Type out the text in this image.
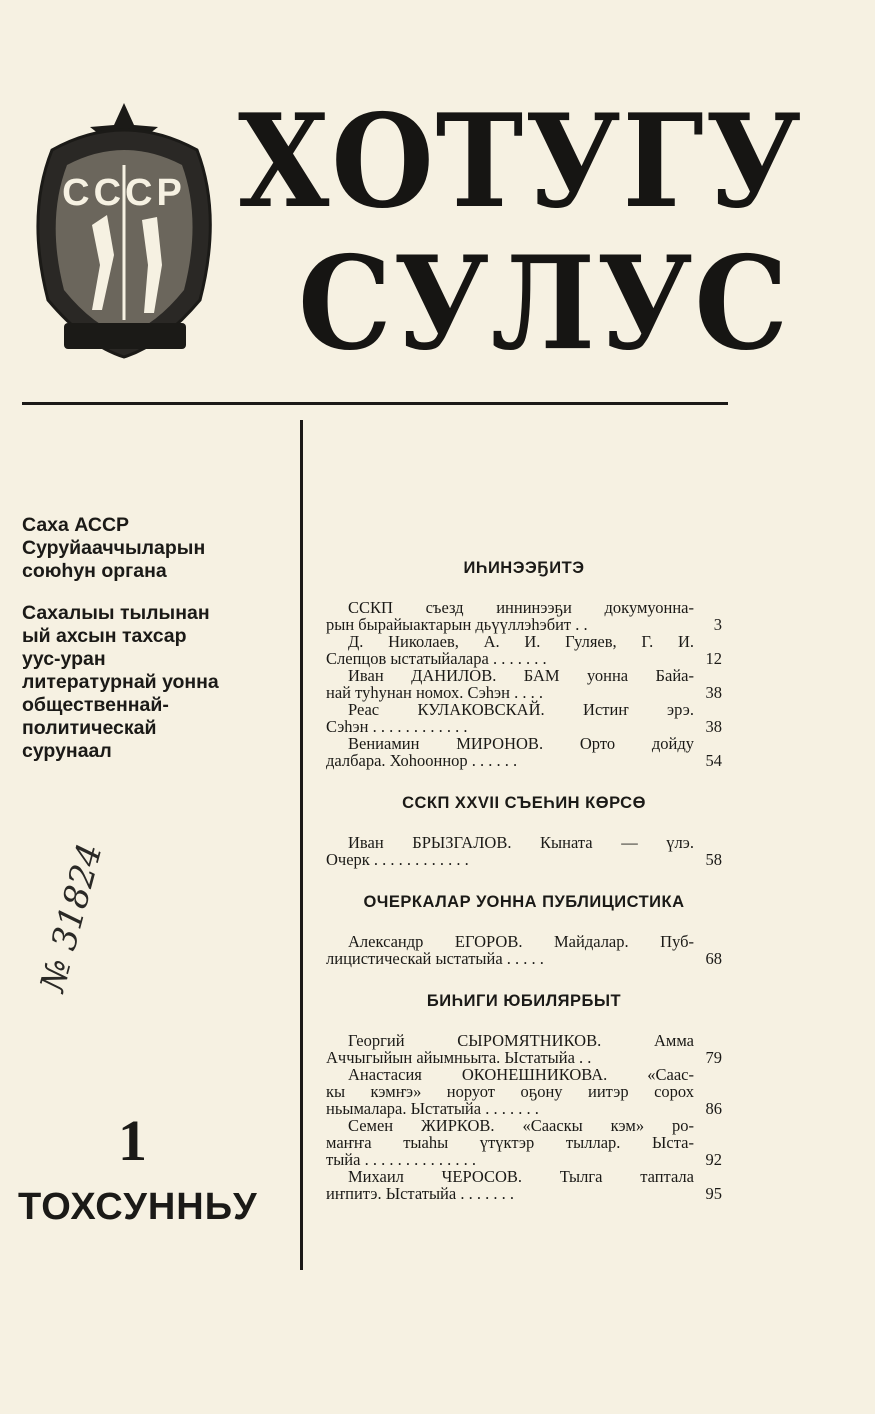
СССР ХОТУГУ
СУЛУС
Саха АССР
Суруйааччыларын
союһун органа
Сахалыы тылынан
ый ахсын тахсар
уус-уран
литературнай уонна
общественнай-
политическай
сурунаал
№ 31824
1
ТОХСУННЬУ
ИҺИНЭЭҔИТЭ
ССКП съезд иннинээҕи докумуонна-
рын бырайыактарын дьүүллэһэбит . .	3
Д. Николаев, А. И. Гуляев, Г. И.
Слепцов ыстатыйалара . . . . . . .	12
Иван ДАНИЛОВ. БАМ уонна Байа-
най туһунан номох. Сэһэн . . . .	38
Реас КУЛАКОВСКАЙ. Истиҥ эрэ.
Сэһэн . . . . . . . . . . . .	38
Вениамин МИРОНОВ. Орто дойду
далбара. Хоһооннор . . . . . .	54
ССКП XXVII СЪЕҺИН КӨРСӨ
Иван БРЫЗГАЛОВ. Кыната — үлэ.
Очерк . . . . . . . . . . . .	58
ОЧЕРКАЛАР УОННА ПУБЛИЦИСТИКА
Александр ЕГОРОВ. Майдалар. Пуб-
лицистическай ыстатыйа . . . . .	68
БИҺИГИ ЮБИЛЯРБЫТ
Георгий СЫРОМЯТНИКОВ. Амма
Аччыгыйын айымньыта. Ыстатыйа . .	79
Анастасия ОКОНЕШНИКОВА. «Саас-
кы кэмҥэ» норуот оҕону иитэр сорох
ньымалара. Ыстатыйа . . . . . . .	86
Семен ЖИРКОВ. «Сааскы кэм» ро-
маҥҥа тыаһы үтүктэр тыллар. Ыста-
тыйа . . . . . . . . . . . . . .	92
Михаил ЧЕРОСОВ. Тылга таптала
иҥпитэ. Ыстатыйа . . . . . . .	95
